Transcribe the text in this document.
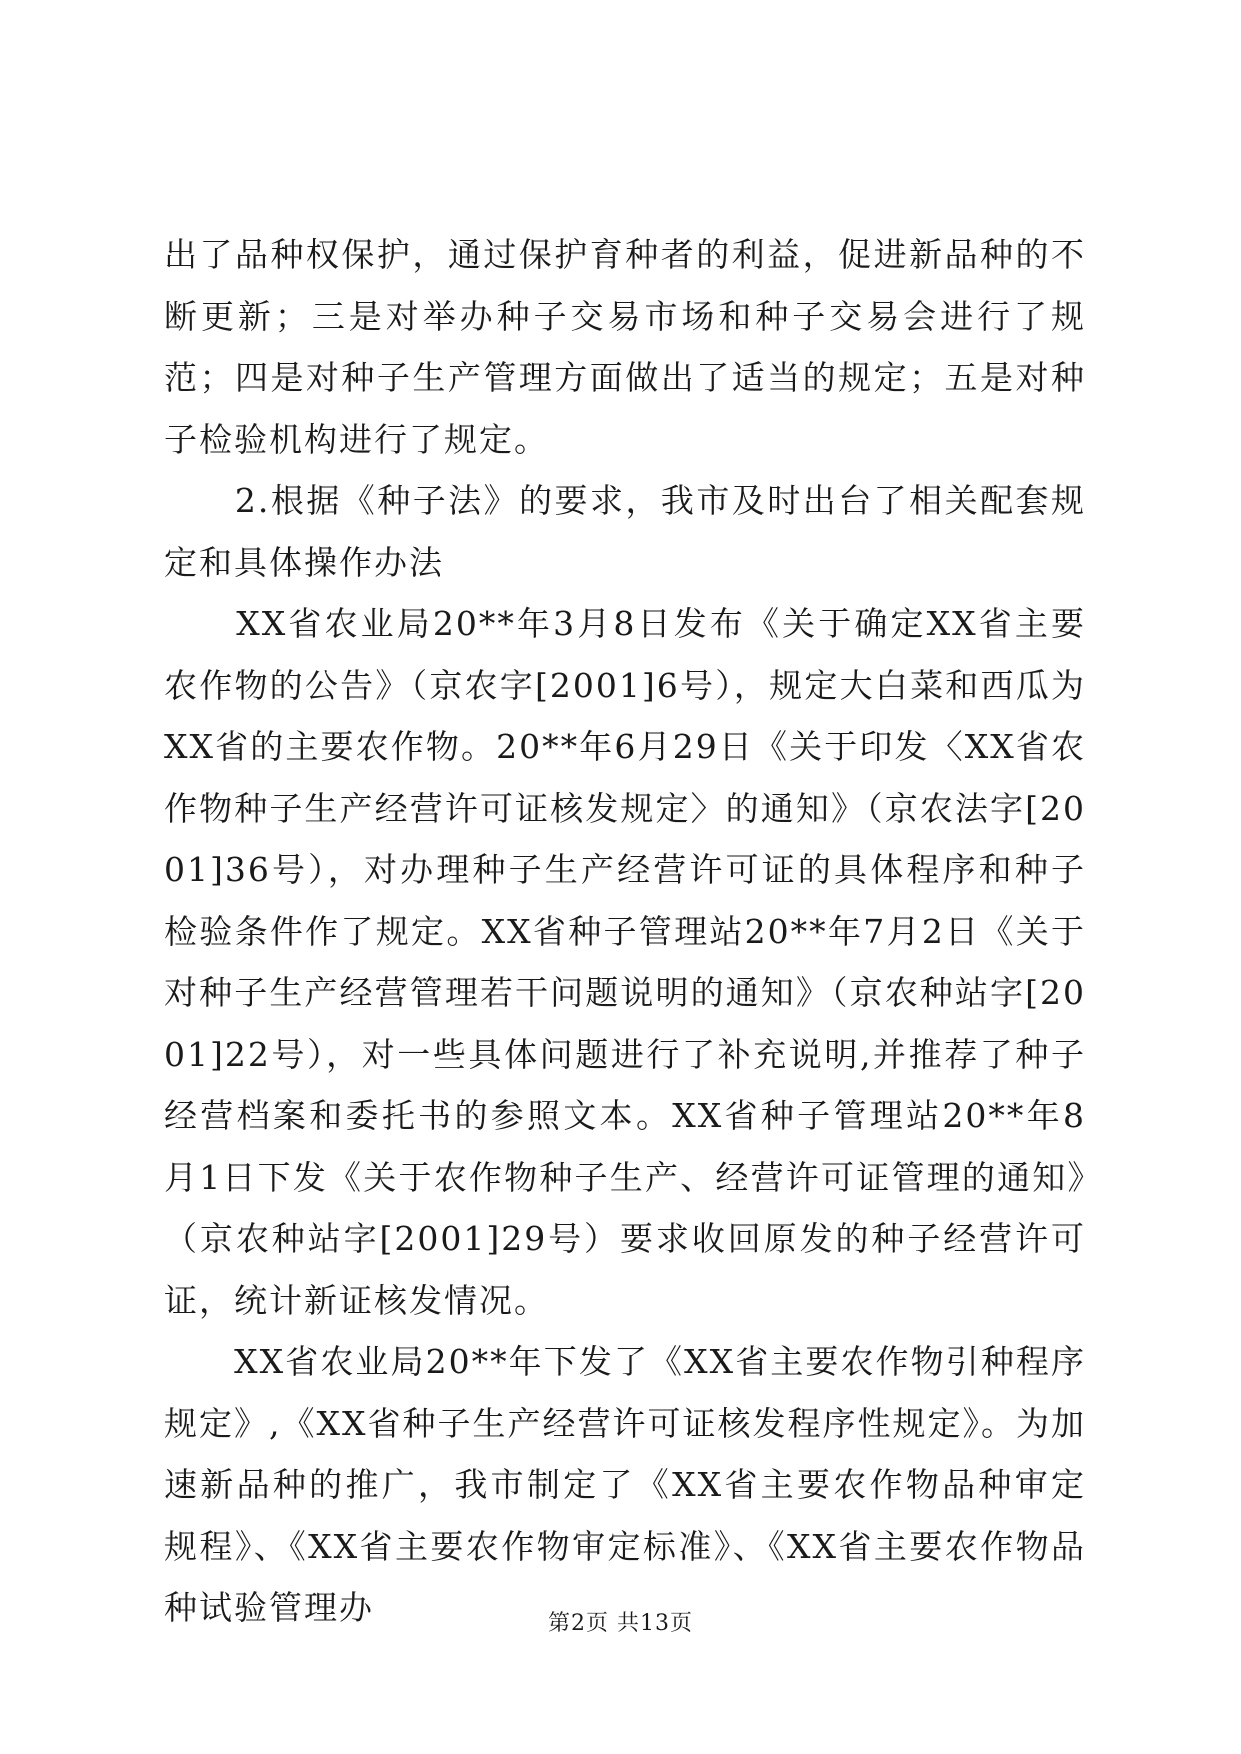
出了品种权保护，通过保护育种者的利益，促进新品种的不断更新；三是对举办种子交易市场和种子交易会进行了规范；四是对种子生产管理方面做出了适当的规定；五是对种子检验机构进行了规定。

　　2.根据《种子法》的要求，我市及时出台了相关配套规定和具体操作办法

　　XX省农业局20**年3月8日发布《关于确定XX省主要农作物的公告》（京农字[2001]6号），规定大白菜和西瓜为XX省的主要农作物。20**年6月29日《关于印发〈XX省农作物种子生产经营许可证核发规定〉的通知》（京农法字[2001]36号），对办理种子生产经营许可证的具体程序和种子检验条件作了规定。XX省种子管理站20**年7月2日《关于对种子生产经营管理若干问题说明的通知》（京农种站字[2001]22号），对一些具体问题进行了补充说明,并推荐了种子经营档案和委托书的参照文本。XX省种子管理站20**年8月1日下发《关于农作物种子生产、经营许可证管理的通知》（京农种站字[2001]29号）要求收回原发的种子经营许可证，统计新证核发情况。

　　XX省农业局20**年下发了《XX省主要农作物引种程序规定》,《XX省种子生产经营许可证核发程序性规定》。为加速新品种的推广，我市制定了《XX省主要农作物品种审定规程》、《XX省主要农作物审定标准》、《XX省主要农作物品种试验管理办	第2页 共13页
